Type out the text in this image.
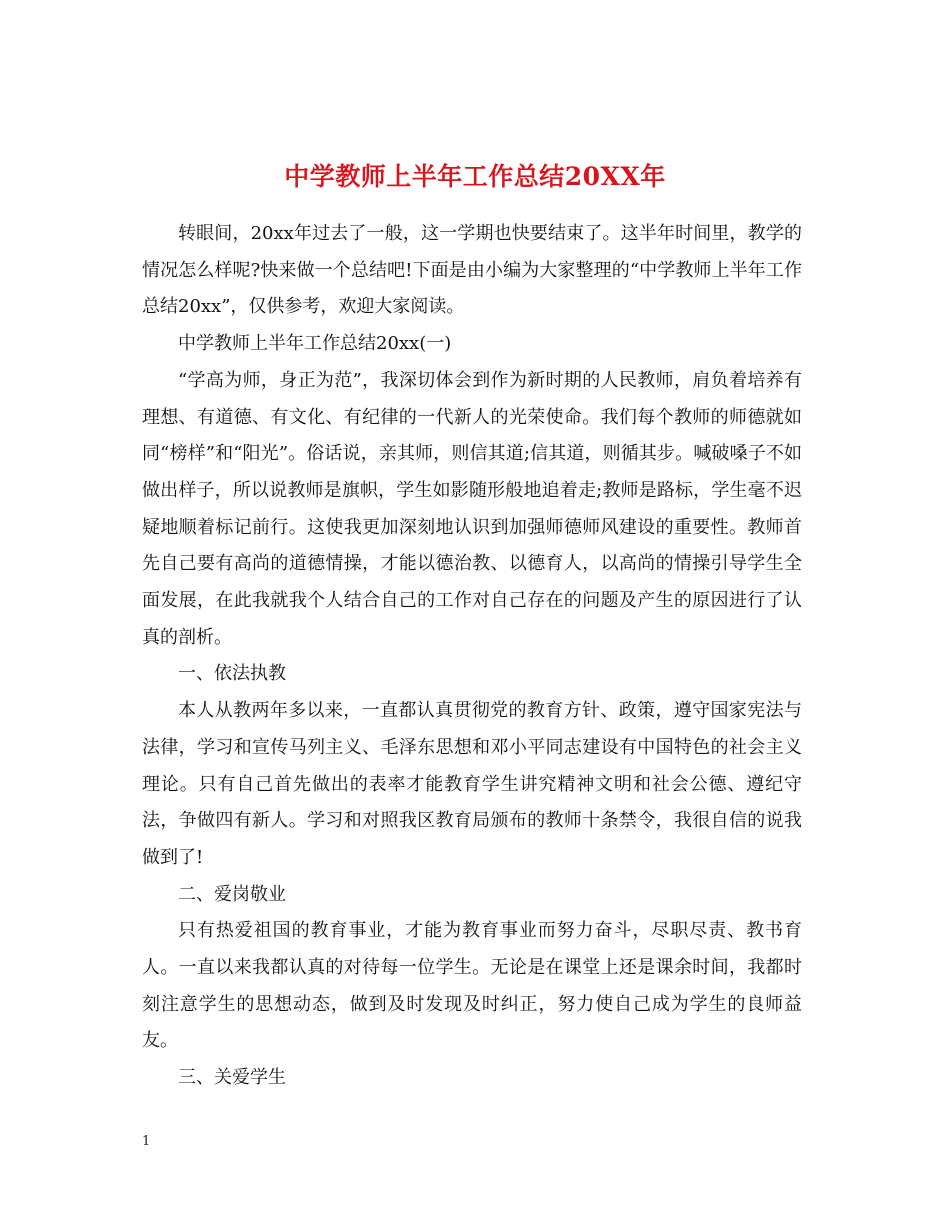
中学教师上半年工作总结20XX年

转眼间，20xx年过去了一般，这一学期也快要结束了。这半年时间里，教学的情况怎么样呢?快来做一个总结吧!下面是由小编为大家整理的“中学教师上半年工作总结20xx”，仅供参考，欢迎大家阅读。

中学教师上半年工作总结20xx(一)

“学高为师，身正为范”，我深切体会到作为新时期的人民教师，肩负着培养有理想、有道德、有文化、有纪律的一代新人的光荣使命。我们每个教师的师德就如同“榜样”和“阳光”。俗话说，亲其师，则信其道;信其道，则循其步。喊破嗓子不如做出样子，所以说教师是旗帜，学生如影随形般地追着走;教师是路标，学生毫不迟疑地顺着标记前行。这使我更加深刻地认识到加强师德师风建设的重要性。教师首先自己要有高尚的道德情操，才能以德治教、以德育人，以高尚的情操引导学生全面发展，在此我就我个人结合自己的工作对自己存在的问题及产生的原因进行了认真的剖析。

一、依法执教

本人从教两年多以来，一直都认真贯彻党的教育方针、政策，遵守国家宪法与法律，学习和宣传马列主义、毛泽东思想和邓小平同志建设有中国特色的社会主义理论。只有自己首先做出的表率才能教育学生讲究精神文明和社会公德、遵纪守法，争做四有新人。学习和对照我区教育局颁布的教师十条禁令，我很自信的说我做到了!

二、爱岗敬业

只有热爱祖国的教育事业，才能为教育事业而努力奋斗，尽职尽责、教书育人。一直以来我都认真的对待每一位学生。无论是在课堂上还是课余时间，我都时刻注意学生的思想动态，做到及时发现及时纠正，努力使自己成为学生的良师益友。

三、关爱学生

1
